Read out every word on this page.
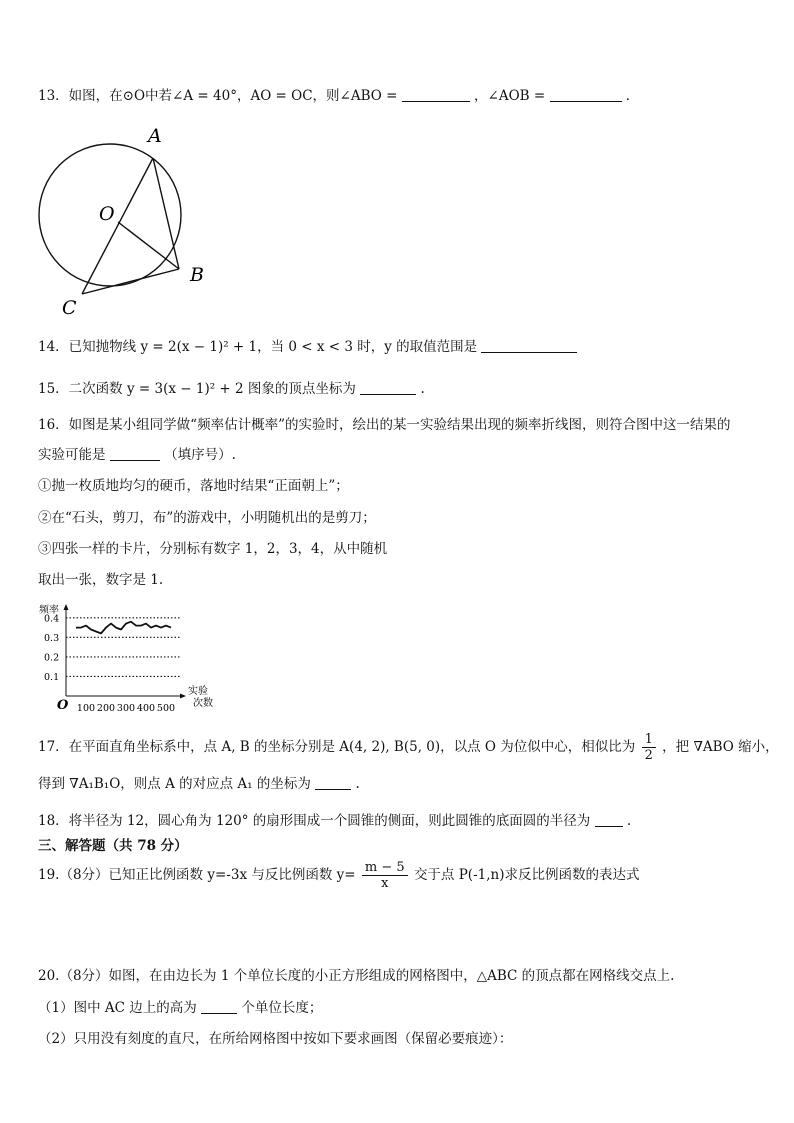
13．如图，在⊙O中若∠A = 40°，AO = OC，则∠ABO =	，∠AOB =	．
A
O
B
C
14．已知抛物线 y = 2(x − 1)² + 1，当 0 < x < 3 时，y 的取值范围是
15．二次函数 y = 3(x − 1)² + 2 图象的顶点坐标为	.
16．如图是某小组同学做“频率估计概率”的实验时，绘出的某一实验结果出现的频率折线图，则符合图中这一结果的
实验可能是	（填序号）.
①抛一枚质地均匀的硬币，落地时结果“正面朝上”；
②在“石头，剪刀，布”的游戏中，小明随机出的是剪刀；
③四张一样的卡片，分别标有数字 1，2，3，4，从中随机
取出一张，数字是 1.
频率
O
实验
次数
0.4
0.3
0.2
0.1
100 200 300 400 500
17．在平面直角坐标系中，点 A, B 的坐标分别是 A(4, 2), B(5, 0)，以点 O 为位似中心，相似比为 $\frac{1}{2}$ ，把 ∇ABO 缩小，
得到 ∇A₁B₁O，则点 A 的对应点 A₁ 的坐标为	.
18．将半径为 12，圆心角为 120° 的扇形围成一个圆锥的侧面，则此圆锥的底面圆的半径为	.
三、解答题（共 78 分）
19.（8分）已知正比例函数 y=-3x 与反比例函数 $y= \frac{m - 5}{x}$ 交于点 P(-1,n)求反比例函数的表达式
20.（8分）如图，在由边长为 1 个单位长度的小正方形组成的网格图中，△ABC 的顶点都在网格线交点上.
（1）图中 AC 边上的高为	个单位长度；
（2）只用没有刻度的直尺，在所给网格图中按如下要求画图（保留必要痕迹）：
